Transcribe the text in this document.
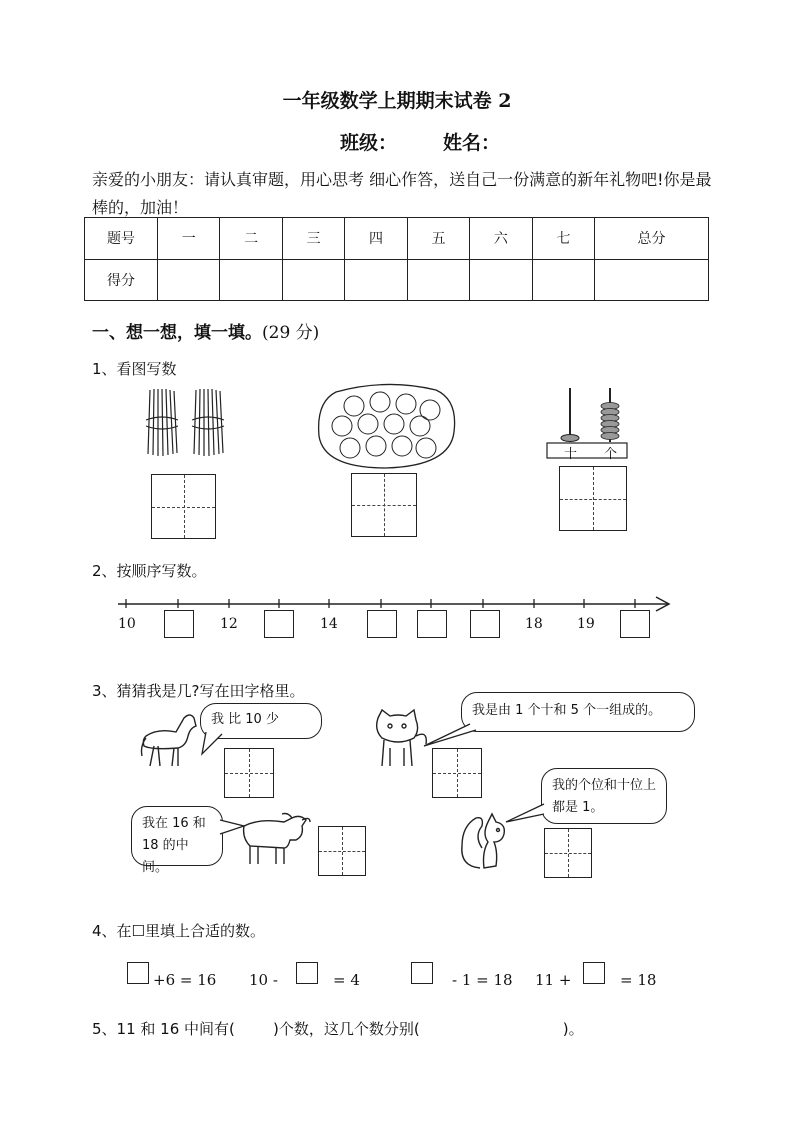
一年级数学上期期末试卷 2
班级： 姓名：
亲爱的小朋友：请认真审题，用心思考 细心作答，送自己一份满意的新年礼物吧!你是最棒的，加油！
题号	一	二	三	四	五	六	七	总分
得分								
一、想一想，填一填。(29 分)
1、看图写数
十 个
2、按顺序写数。
10	12	14	18 19
3、猜猜我是几?写在田字格里。
我 比 10 少
我是由 1 个十和 5 个一组成的。
我在 16 和 18 的中间。
我的个位和十位上都是 1。
4、在☐里填上合适的数。
+6 = 16 10 -	= 4	- 1 = 18 11 +	= 18
5、11 和 16 中间有(        )个数，这几个数分别(                              )。
